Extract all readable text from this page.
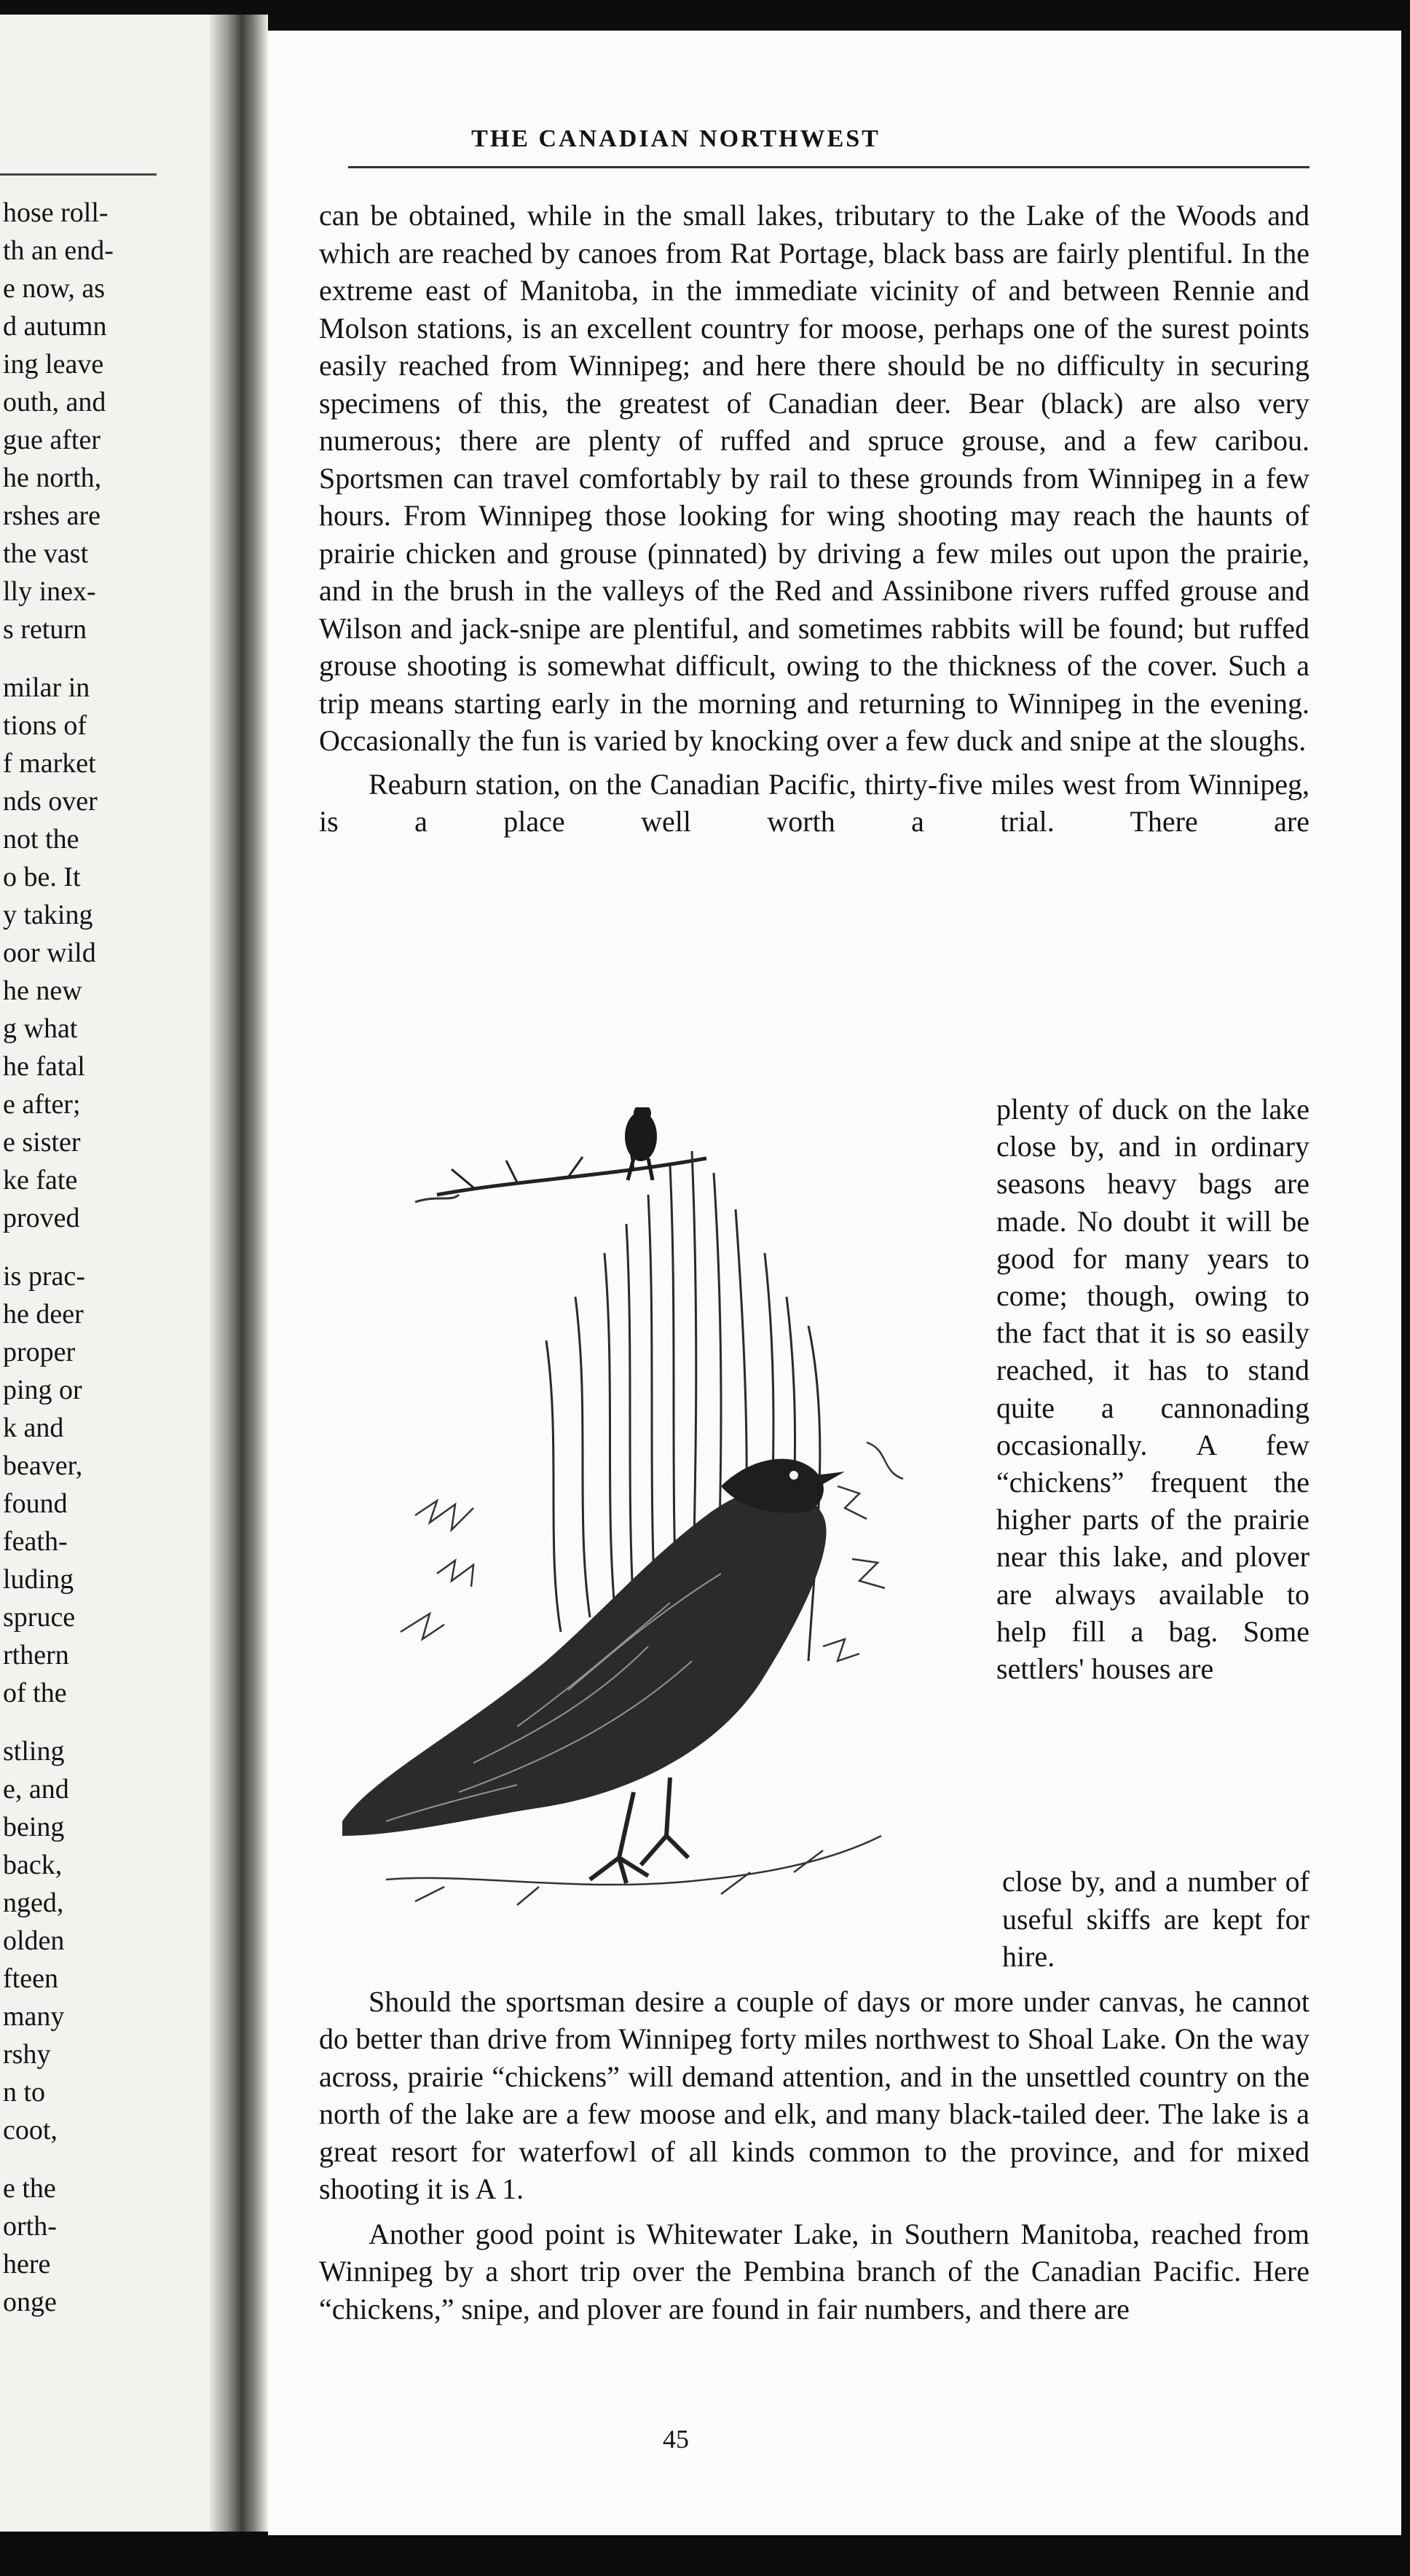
hose roll-
th an end-
e now, as
d autumn
ing leave
outh, and
gue after
he north,
rshes are
the vast
lly inex-
s return
milar in
tions of
f market
nds over
not the
o be. It
y taking
oor wild
he new
g what
he fatal
e after;
e sister
ke fate
proved
is prac-
he deer
proper
ping or
k and
beaver,
found
feath-
luding
spruce
rthern
of the
stling
e, and
being
back,
nged,
olden
fteen
many
rshy
n to
coot,
e the
orth-
here
onge
THE CANADIAN NORTHWEST

can be obtained, while in the small lakes, tributary to the Lake of the Woods and which are reached by canoes from Rat Portage, black bass are fairly plentiful. In the extreme east of Manitoba, in the immediate vicinity of and between Rennie and Molson stations, is an excellent country for moose, perhaps one of the surest points easily reached from Winnipeg; and here there should be no difficulty in securing specimens of this, the greatest of Canadian deer. Bear (black) are also very numerous; there are plenty of ruffed and spruce grouse, and a few caribou. Sportsmen can travel comfortably by rail to these grounds from Winnipeg in a few hours. From Winnipeg those looking for wing shooting may reach the haunts of prairie chicken and grouse (pinnated) by driving a few miles out upon the prairie, and in the brush in the valleys of the Red and Assinibone rivers ruffed grouse and Wilson and jack-snipe are plentiful, and sometimes rabbits will be found; but ruffed grouse shooting is somewhat difficult, owing to the thickness of the cover. Such a trip means starting early in the morning and returning to Winnipeg in the evening. Occasionally the fun is varied by knocking over a few duck and snipe at the sloughs.

Reaburn station, on the Canadian Pacific, thirty-five miles west from Winnipeg, is a place well worth a trial. There are

plenty of duck on the lake close by, and in ordinary seasons heavy bags are made. No doubt it will be good for many years to come; though, owing to the fact that it is so easily reached, it has to stand quite a cannonading occasionally. A few “chickens” frequent the higher parts of the prairie near this lake, and plover are always available to help fill a bag. Some settlers' houses are

close by, and a number of useful skiffs are kept for hire.

Should the sportsman desire a couple of days or more under canvas, he cannot do better than drive from Winnipeg forty miles northwest to Shoal Lake. On the way across, prairie “chickens” will demand attention, and in the unsettled country on the north of the lake are a few moose and elk, and many black-tailed deer. The lake is a great resort for waterfowl of all kinds common to the province, and for mixed shooting it is A 1.

Another good point is Whitewater Lake, in Southern Manitoba, reached from Winnipeg by a short trip over the Pembina branch of the Canadian Pacific. Here “chickens,” snipe, and plover are found in fair numbers, and there are

45
